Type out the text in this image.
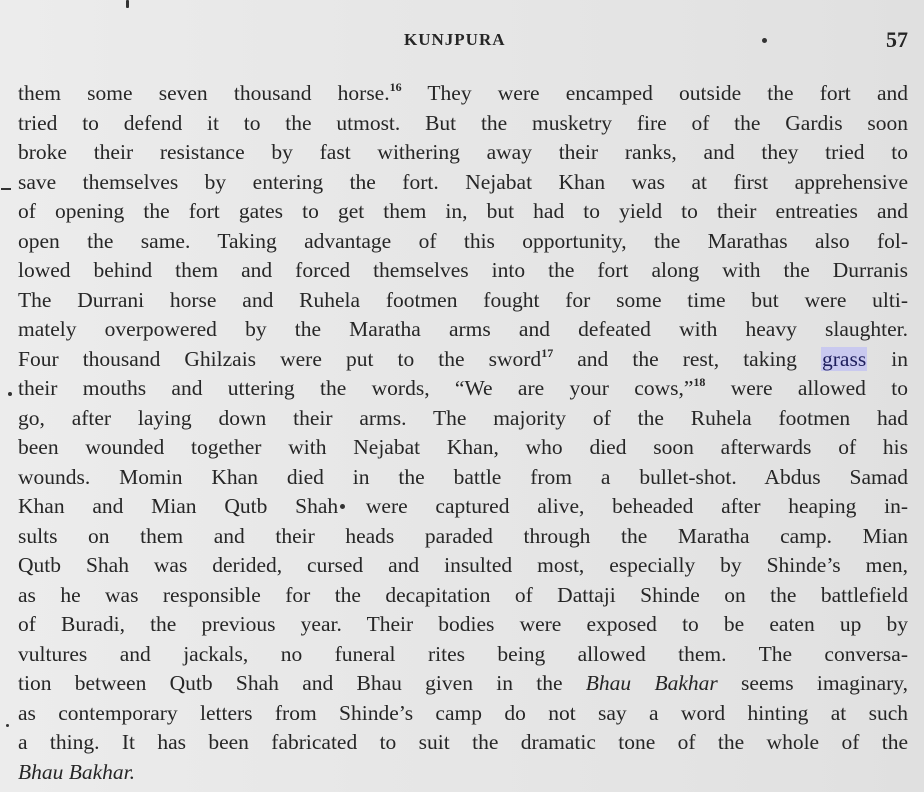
KUNJPURA	57
them some seven thousand horse.$^{16}$ They were encamped outside the fort and
tried to defend it to the utmost. But the musketry fire of the Gardis soon
broke their resistance by fast withering away their ranks, and they tried to
save themselves by entering the fort. Nejabat Khan was at first apprehensive
of opening the fort gates to get them in, but had to yield to their entreaties and
open the same. Taking advantage of this opportunity, the Marathas also fol-
lowed behind them and forced themselves into the fort along with the Durranis
The Durrani horse and Ruhela footmen fought for some time but were ulti-
mately overpowered by the Maratha arms and defeated with heavy slaughter.
Four thousand Ghilzais were put to the sword$^{17}$ and the rest, taking grass in
their mouths and uttering the words, “We are your cows,”$^{18}$ were allowed to
go, after laying down their arms. The majority of the Ruhela footmen had
been wounded together with Nejabat Khan, who died soon afterwards of his
wounds. Momin Khan died in the battle from a bullet-shot. Abdus Samad
Khan and Mian Qutb Shah were captured alive, beheaded after heaping in-
sults on them and their heads paraded through the Maratha camp. Mian
Qutb Shah was derided, cursed and insulted most, especially by Shinde’s men,
as he was responsible for the decapitation of Dattaji Shinde on the battlefield
of Buradi, the previous year. Their bodies were exposed to be eaten up by
vultures and jackals, no funeral rites being allowed them. The conversa-
tion between Qutb Shah and Bhau given in the Bhau Bakhar seems imaginary,
as contemporary letters from Shinde’s camp do not say a word hinting at such
a thing. It has been fabricated to suit the dramatic tone of the whole of the
Bhau Bakhar.
